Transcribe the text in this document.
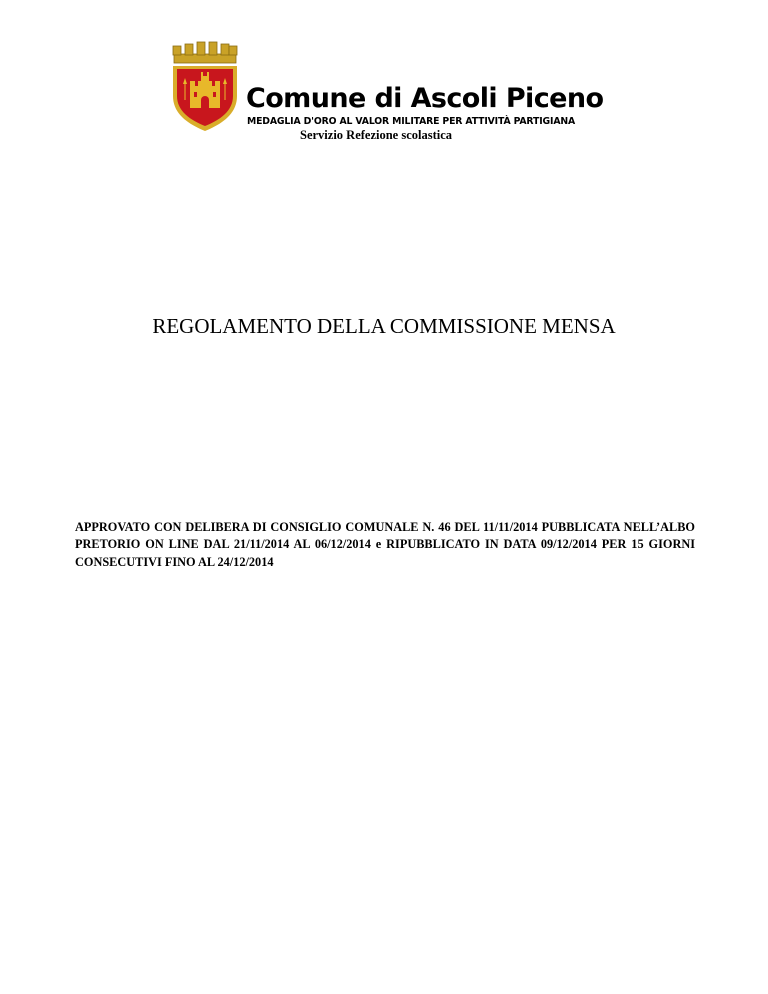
Comune di Ascoli Piceno
MEDAGLIA D'ORO AL VALOR MILITARE PER ATTIVITÀ PARTIGIANA
Servizio Refezione scolastica
REGOLAMENTO DELLA COMMISSIONE MENSA

APPROVATO CON DELIBERA DI CONSIGLIO COMUNALE N. 46 DEL 11/11/2014 PUBBLICATA NELL’ALBO PRETORIO ON LINE DAL 21/11/2014 AL 06/12/2014 e RIPUBBLICATO IN DATA 09/12/2014 PER 15 GIORNI CONSECUTIVI FINO AL 24/12/2014
